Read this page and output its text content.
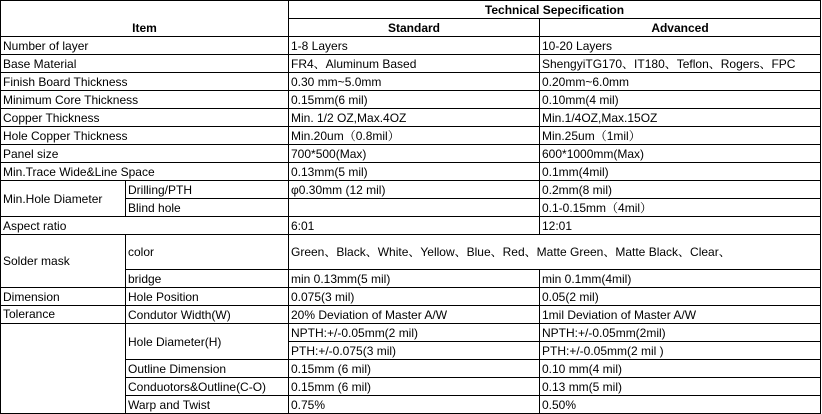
Item		Technical Sepecification	
		Standard	Advanced
Number of layer		1-8 Layers	10-20 Layers
Base Material		FR4、Aluminum Based	ShengyiTG170、IT180、Teflon、Rogers、FPC
Finish Board Thickness		0.30 mm~5.0mm	0.20mm~6.0mm
Minimum Core Thickness		0.15mm(6 mil)	0.10mm(4 mil)
Copper Thickness		Min. 1/2 OZ,Max.4OZ	Min.1/4OZ,Max.15OZ
Hole Copper Thickness		Min.20um（0.8mil）	Min.25um（1mil）
Panel size		700*500(Max)	600*1000mm(Max)
Min.Trace Wide&Line Space		0.13mm(5 mil)	0.1mm(4mil)
Min.Hole Diameter	Drilling/PTH	φ0.30mm (12 mil)	0.2mm(8 mil)
	Blind hole		0.1-0.15mm（4mil）
Aspect ratio		6:01	12:01
Solder mask	color	Green、Black、White、Yellow、Blue、Red、Matte Green、Matte Black、Clear、	
	bridge	min 0.13mm(5 mil)	min 0.1mm(4mil)
Dimension	Hole Position	0.075(3 mil)	0.05(2 mil)
Tolerance	Condutor Width(W)	20% Deviation of Master A/W	1mil Deviation of Master A/W
	Hole Diameter(H)	NPTH:+/-0.05mm(2 mil)	NPTH:+/-0.05mm(2mil)
		PTH:+/-0.075(3 mil)	PTH:+/-0.05mm(2 mil )
	Outline Dimension	0.15mm (6 mil)	0.10 mm(4 mil)
	Conduotors&Outline(C-O)	0.15mm (6 mil)	0.13 mm(5 mil)
	Warp and Twist	0.75%	0.50%
